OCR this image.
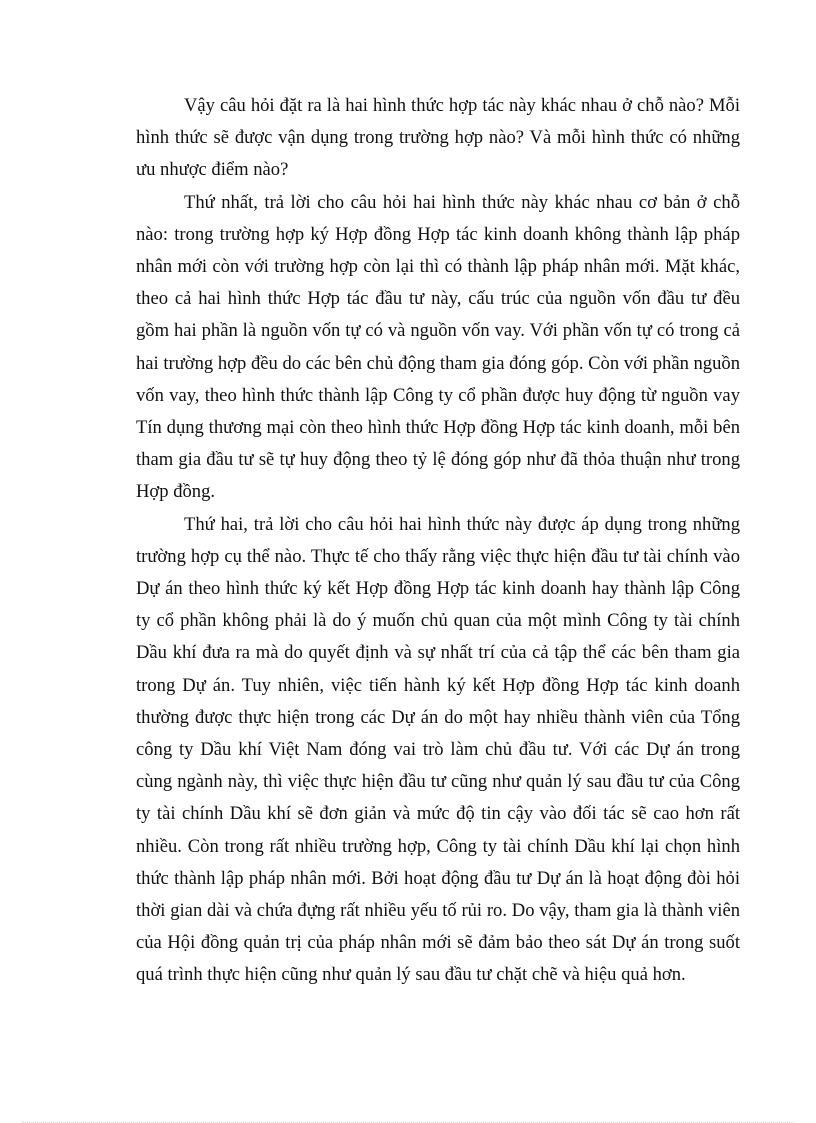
Vậy câu hỏi đặt ra là hai hình thức hợp tác này khác nhau ở chỗ nào? Mỗi hình thức sẽ được vận dụng trong trường hợp nào? Và mỗi hình thức có những ưu nhược điểm nào?

Thứ nhất, trả lời cho câu hỏi hai hình thức này khác nhau cơ bản ở chỗ nào: trong trường hợp ký Hợp đồng Hợp tác kinh doanh không thành lập pháp nhân mới còn với trường hợp còn lại thì có thành lập pháp nhân mới. Mặt khác, theo cả hai hình thức Hợp tác đầu tư này, cấu trúc của nguồn vốn đầu tư đều gồm hai phần là nguồn vốn tự có và nguồn vốn vay. Với phần vốn tự có trong cả hai trường hợp đều do các bên chủ động tham gia đóng góp. Còn với phần nguồn vốn vay, theo hình thức thành lập Công ty cổ phần được huy động từ nguồn vay Tín dụng thương mại còn theo hình thức Hợp đồng Hợp tác kinh doanh, mỗi bên tham gia đầu tư sẽ tự huy động theo tỷ lệ đóng góp như đã thỏa thuận như trong Hợp đồng.

Thứ hai, trả lời cho câu hỏi hai hình thức này được áp dụng trong những trường hợp cụ thể nào. Thực tế cho thấy rằng việc thực hiện đầu tư tài chính vào Dự án theo hình thức ký kết Hợp đồng Hợp tác kinh doanh hay thành lập Công ty cổ phần không phải là do ý muốn chủ quan của một mình Công ty tài chính Dầu khí đưa ra mà do quyết định và sự nhất trí của cả tập thể các bên tham gia trong Dự án. Tuy nhiên, việc tiến hành ký kết Hợp đồng Hợp tác kinh doanh thường được thực hiện trong các Dự án do một hay nhiều thành viên của Tổng công ty Dầu khí Việt Nam đóng vai trò làm chủ đầu tư. Với các Dự án trong cùng ngành này, thì việc thực hiện đầu tư cũng như quản lý sau đầu tư của Công ty tài chính Dầu khí sẽ đơn giản và mức độ tin cậy vào đối tác sẽ cao hơn rất nhiều. Còn trong rất nhiều trường hợp, Công ty tài chính Dầu khí lại chọn hình thức thành lập pháp nhân mới. Bởi hoạt động đầu tư Dự án là hoạt động đòi hỏi thời gian dài và chứa đựng rất nhiều yếu tố rủi ro. Do vậy, tham gia là thành viên của Hội đồng quản trị của pháp nhân mới sẽ đảm bảo theo sát Dự án trong suốt quá trình thực hiện cũng như quản lý sau đầu tư chặt chẽ và hiệu quả hơn.
